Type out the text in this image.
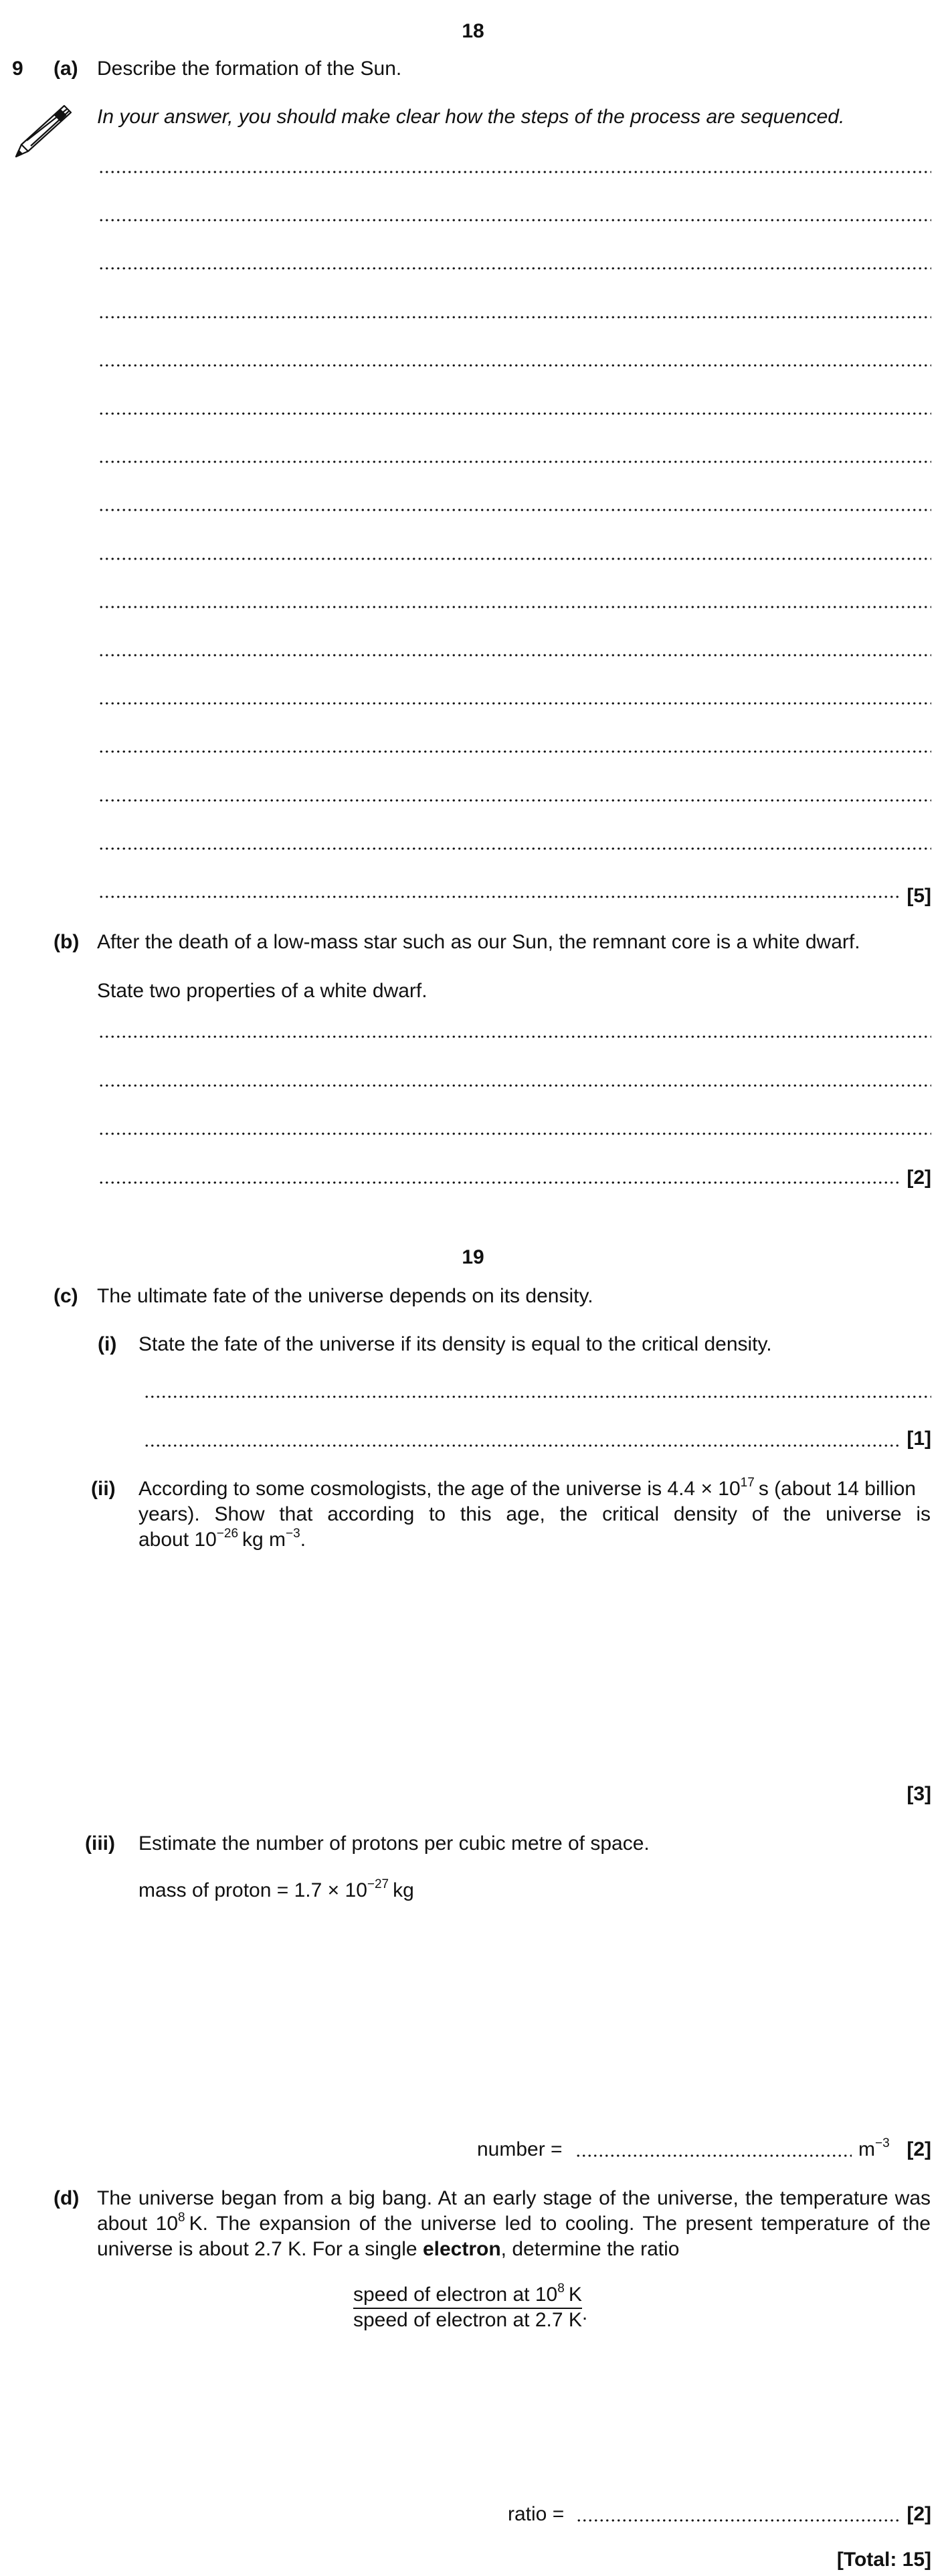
18
9 (a) Describe the formation of the Sun.
In your answer, you should make clear how the steps of the process are sequenced.
[5]
(b) After the death of a low-mass star such as our Sun, the remnant core is a white dwarf.
State two properties of a white dwarf.
[2]
19
(c) The ultimate fate of the universe depends on its density.
(i) State the fate of the universe if its density is equal to the critical density.
[1]
(ii) According to some cosmologists, the age of the universe is $4.4 \times 10^{17}$  s (about 14 billion
years). Show that according to this age, the critical density of the universe is
about $10^{-26}$  kg $m^{-3}$.
[3]
(iii) Estimate the number of protons per cubic metre of space.
mass of proton = $1.7 \times 10^{-27}$  kg
number =	$m^{-3}$ [2]
(d) The universe began from a big bang. At an early stage of the universe, the temperature was
about $10^8$  K. The expansion of the universe led to cooling. The present temperature of the
universe is about 2.7 K. For a single electron, determine the ratio
speed of electron at $10^8$  K
speed of electron at 2.7 K .
ratio =	[2]
[Total: 15]
